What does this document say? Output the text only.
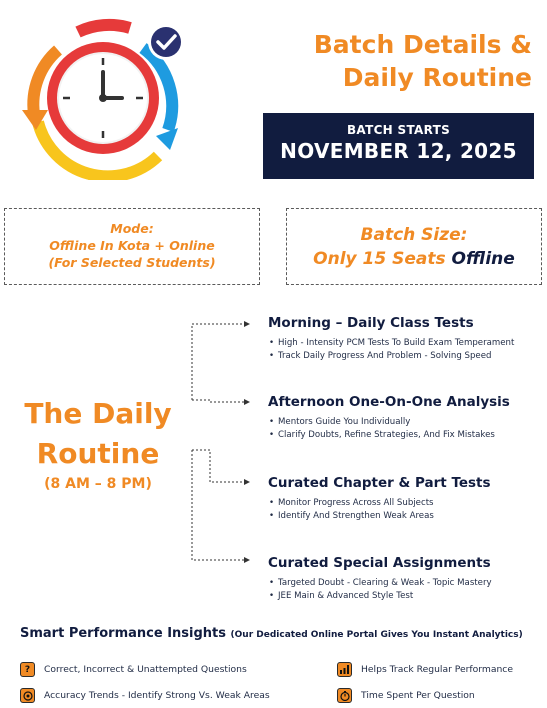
Batch Details &
Daily Routine
BATCH STARTS
NOVEMBER 12, 2025
Mode:
Offline In Kota + Online
(For Selected Students)
Batch Size:
Only 15 Seats Offline
The Daily
Routine
(8 AM – 8 PM)
Morning – Daily Class Tests
• High - Intensity PCM Tests To Build Exam Temperament
• Track Daily Progress And Problem - Solving Speed
Afternoon One-On-One Analysis
• Mentors Guide You Individually
• Clarify Doubts, Refine Strategies, And Fix Mistakes
Curated Chapter & Part Tests
• Monitor Progress Across All Subjects
• Identify And Strengthen Weak Areas
Curated Special Assignments
• Targeted Doubt - Clearing & Weak - Topic Mastery
• JEE Main & Advanced Style Test
Smart Performance Insights (Our Dedicated Online Portal Gives You Instant Analytics)
?	Correct, Incorrect & Unattempted Questions	Helps Track Regular Performance
Accuracy Trends - Identify Strong Vs. Weak Areas	Time Spent Per Question
